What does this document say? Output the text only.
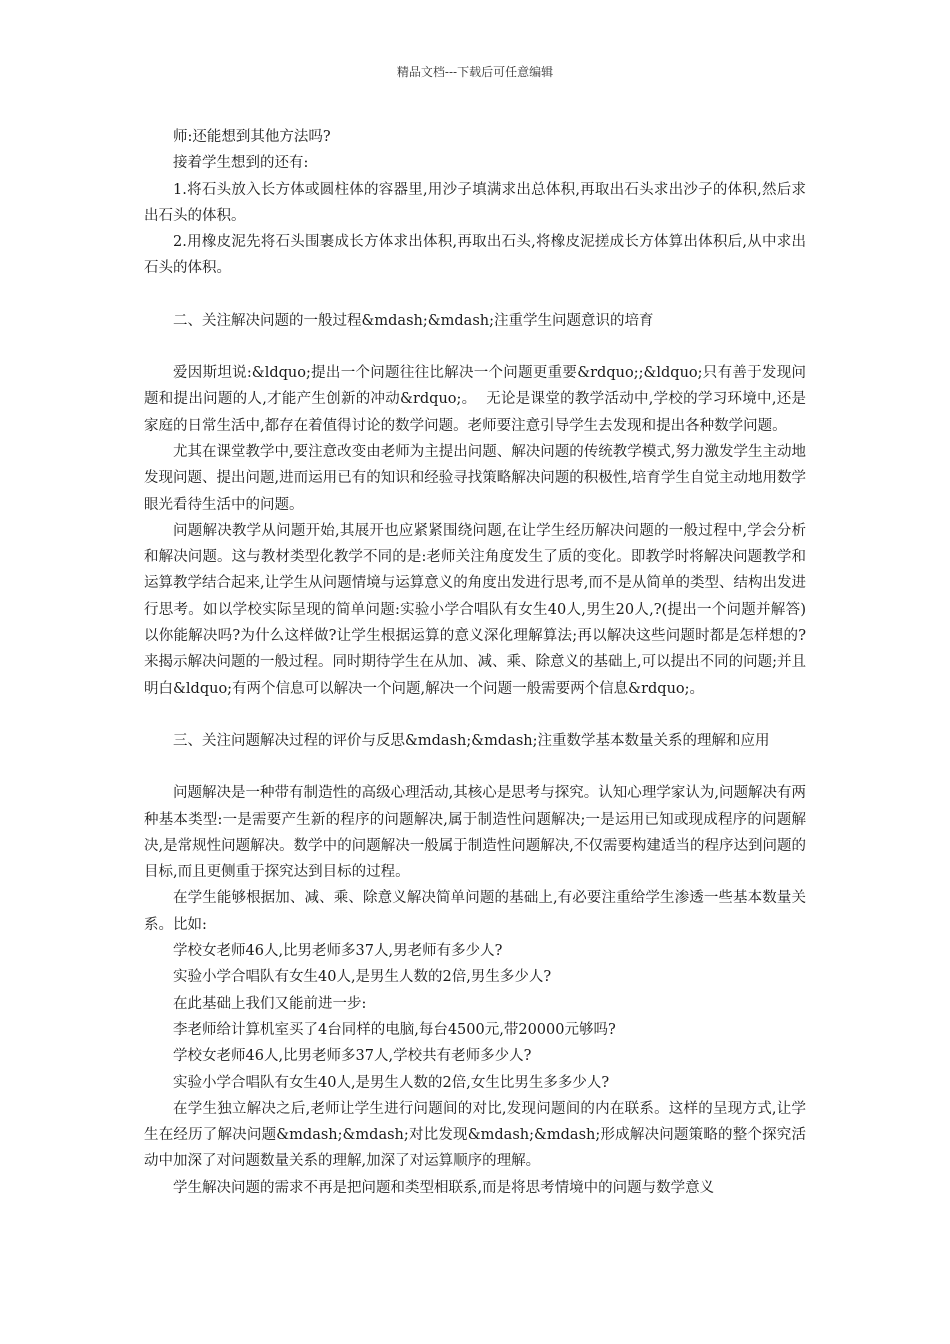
精品文档---下载后可任意编辑

师:还能想到其他方法吗?

接着学生想到的还有:

1.将石头放入长方体或圆柱体的容器里,用沙子填满求出总体积,再取出石头求出沙子的体积,然后求出石头的体积。

2.用橡皮泥先将石头围裹成长方体求出体积,再取出石头,将橡皮泥搓成长方体算出体积后,从中求出石头的体积。

二、关注解决问题的一般过程&mdash;&mdash;注重学生问题意识的培育

爱因斯坦说:&ldquo;提出一个问题往往比解决一个问题更重要&rdquo;;&ldquo;只有善于发现问题和提出问题的人,才能产生创新的冲动&rdquo;。  无论是课堂的教学活动中,学校的学习环境中,还是家庭的日常生活中,都存在着值得讨论的数学问题。老师要注意引导学生去发现和提出各种数学问题。

尤其在课堂教学中,要注意改变由老师为主提出问题、解决问题的传统教学模式,努力激发学生主动地发现问题、提出问题,进而运用已有的知识和经验寻找策略解决问题的积极性,培育学生自觉主动地用数学眼光看待生活中的问题。

问题解决教学从问题开始,其展开也应紧紧围绕问题,在让学生经历解决问题的一般过程中,学会分析和解决问题。这与教材类型化教学不同的是:老师关注角度发生了质的变化。即教学时将解决问题教学和运算教学结合起来,让学生从问题情境与运算意义的角度出发进行思考,而不是从简单的类型、结构出发进行思考。如以学校实际呈现的简单问题:实验小学合唱队有女生40人,男生20人,?(提出一个问题并解答)以你能解决吗?为什么这样做?让学生根据运算的意义深化理解算法;再以解决这些问题时都是怎样想的?来揭示解决问题的一般过程。同时期待学生在从加、减、乘、除意义的基础上,可以提出不同的问题;并且明白&ldquo;有两个信息可以解决一个问题,解决一个问题一般需要两个信息&rdquo;。

三、关注问题解决过程的评价与反思&mdash;&mdash;注重数学基本数量关系的理解和应用

问题解决是一种带有制造性的高级心理活动,其核心是思考与探究。认知心理学家认为,问题解决有两种基本类型:一是需要产生新的程序的问题解决,属于制造性问题解决;一是运用已知或现成程序的问题解决,是常规性问题解决。数学中的问题解决一般属于制造性问题解决,不仅需要构建适当的程序达到问题的目标,而且更侧重于探究达到目标的过程。

在学生能够根据加、减、乘、除意义解决简单问题的基础上,有必要注重给学生渗透一些基本数量关系。比如:

学校女老师46人,比男老师多37人,男老师有多少人?

实验小学合唱队有女生40人,是男生人数的2倍,男生多少人?

在此基础上我们又能前进一步:

李老师给计算机室买了4台同样的电脑,每台4500元,带20000元够吗?

学校女老师46人,比男老师多37人,学校共有老师多少人?

实验小学合唱队有女生40人,是男生人数的2倍,女生比男生多多少人?

在学生独立解决之后,老师让学生进行问题间的对比,发现问题间的内在联系。这样的呈现方式,让学生在经历了解决问题&mdash;&mdash;对比发现&mdash;&mdash;形成解决问题策略的整个探究活动中加深了对问题数量关系的理解,加深了对运算顺序的理解。

学生解决问题的需求不再是把问题和类型相联系,而是将思考情境中的问题与数学意义
